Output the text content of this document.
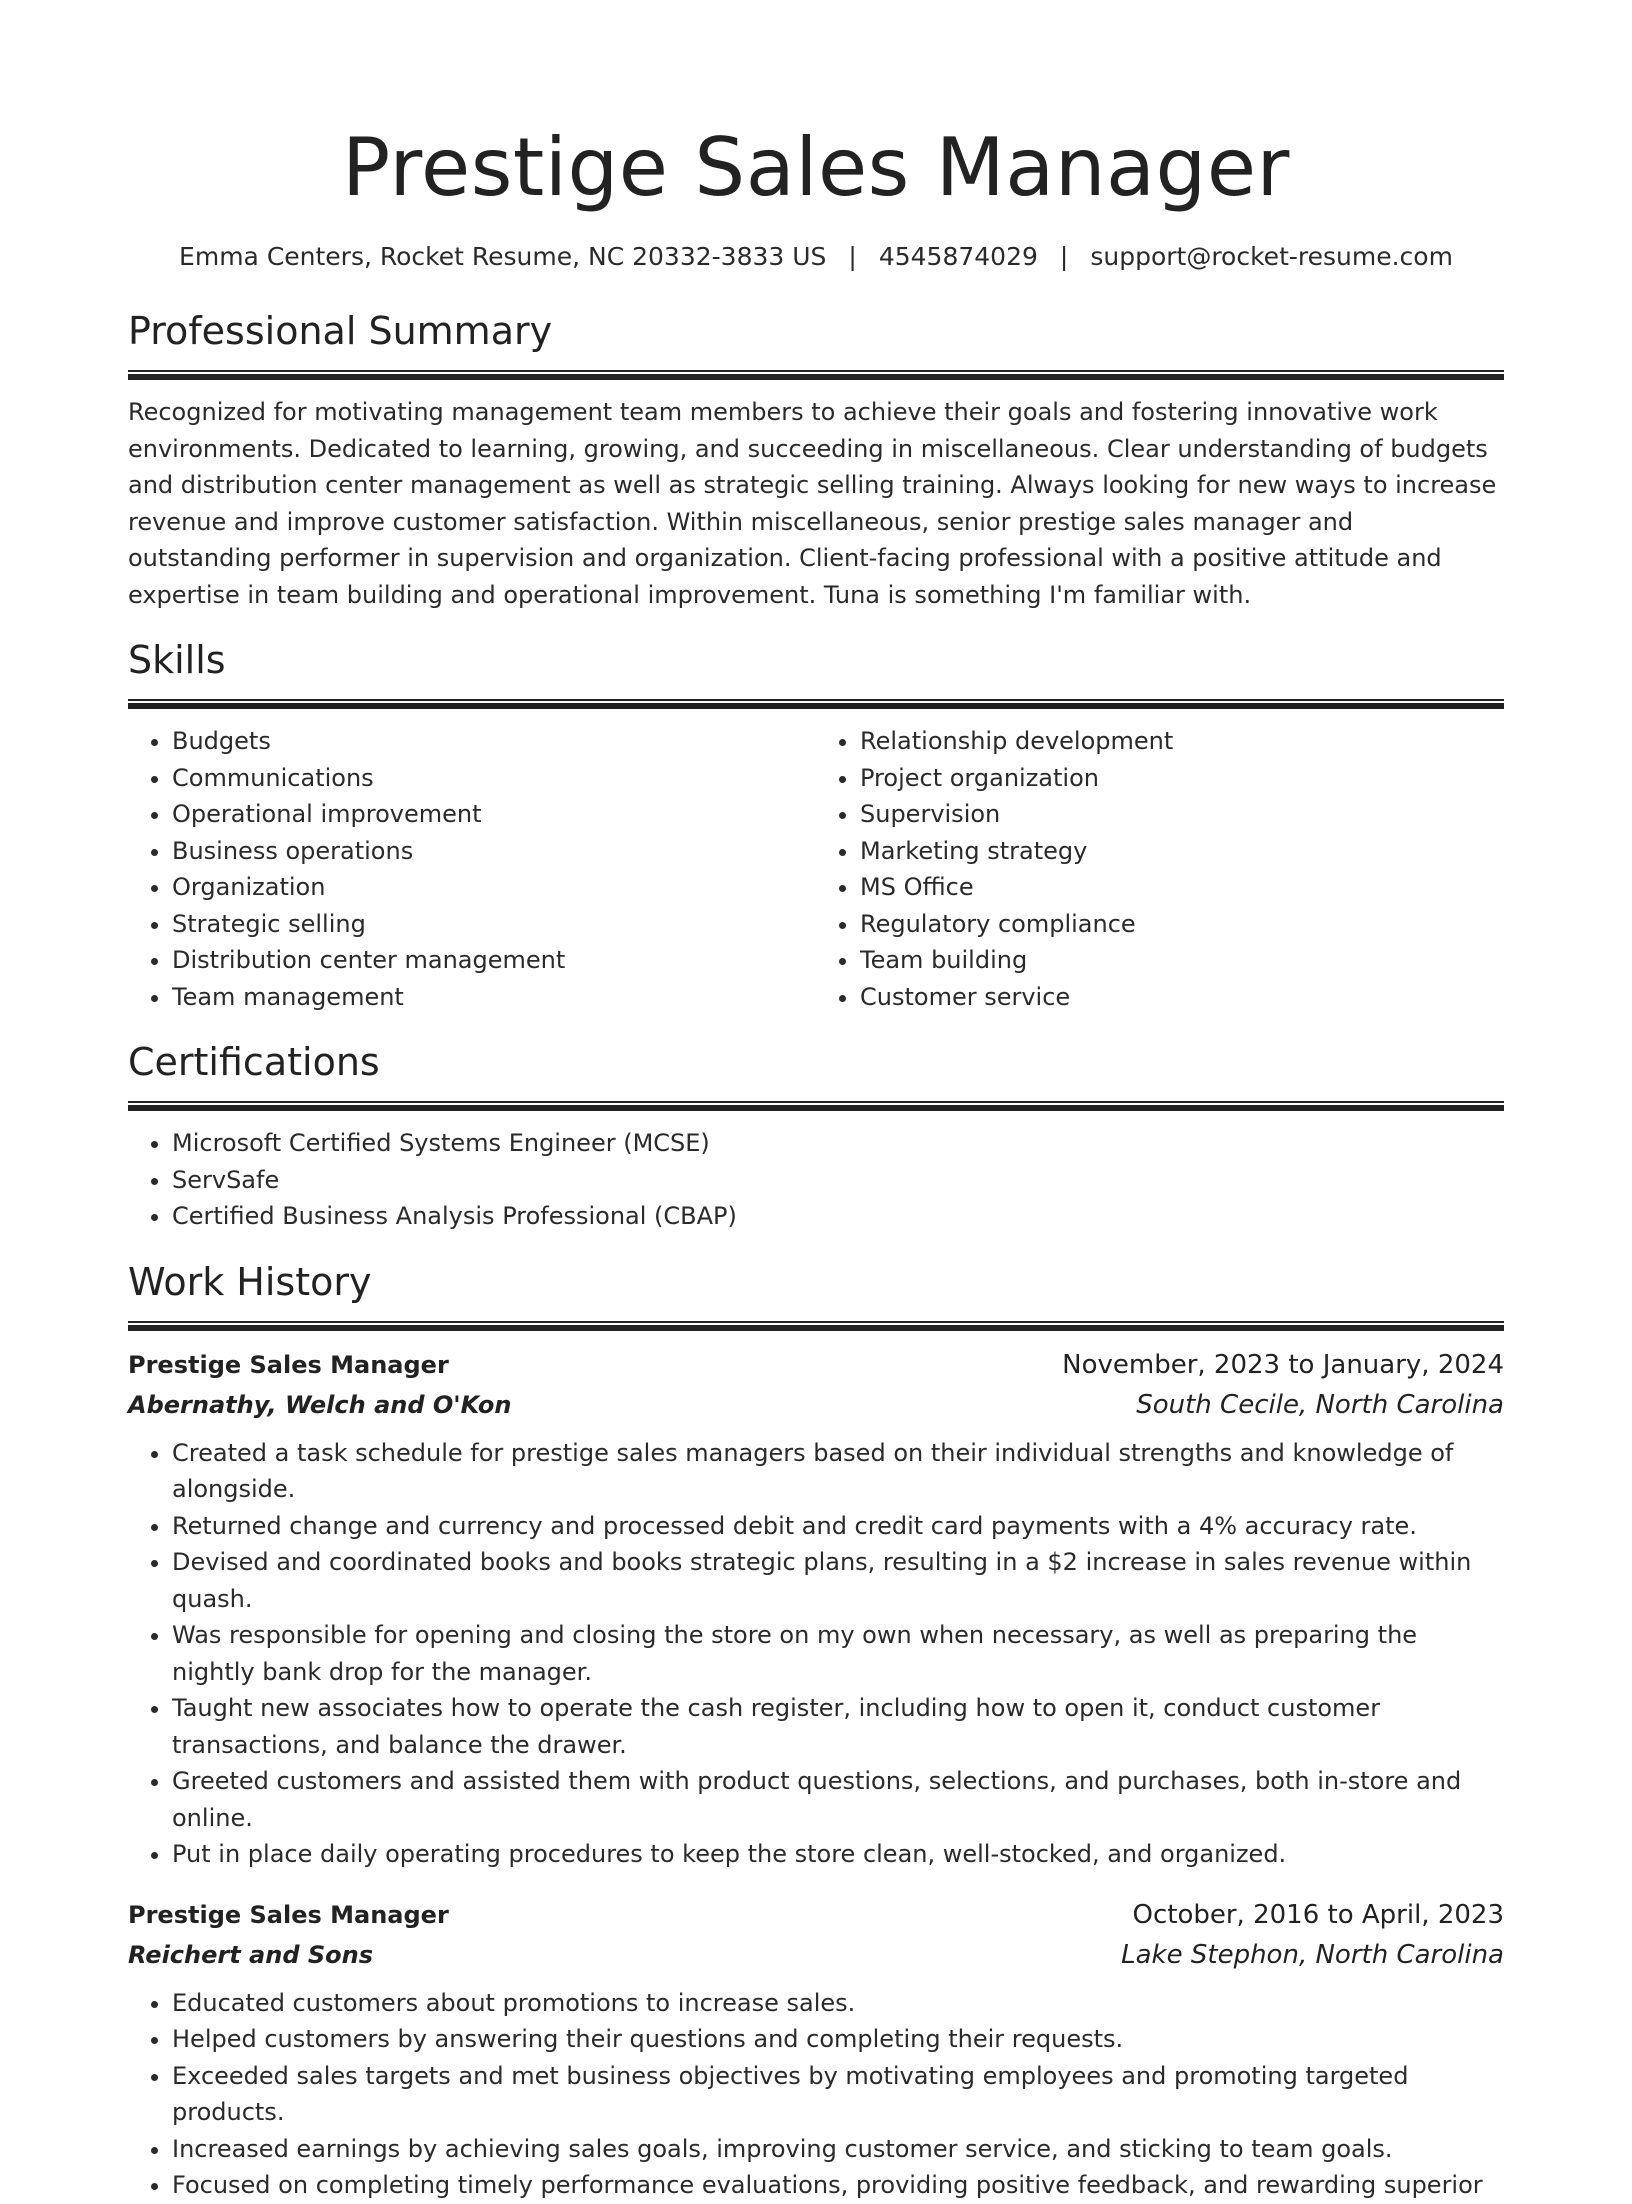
Prestige Sales Manager
Emma Centers, Rocket Resume, NC 20332-3833 US | 4545874029 | support@rocket-resume.com
Professional Summary

Recognized for motivating management team members to achieve their goals and fostering innovative work environments. Dedicated to learning, growing, and succeeding in miscellaneous. Clear understanding of budgets and distribution center management as well as strategic selling training. Always looking for new ways to increase revenue and improve customer satisfaction. Within miscellaneous, senior prestige sales manager and outstanding performer in supervision and organization. Client-facing professional with a positive attitude and expertise in team building and operational improvement. Tuna is something I'm familiar with.

Skills
• Budgets
• Communications
• Operational improvement
• Business operations
• Organization
• Strategic selling
• Distribution center management
• Team management
• Relationship development
• Project organization
• Supervision
• Marketing strategy
• MS Office
• Regulatory compliance
• Team building
• Customer service
Certifications
• Microsoft Certified Systems Engineer (MCSE)
• ServSafe
• Certified Business Analysis Professional (CBAP)
Work History
Prestige Sales Manager	November, 2023 to January, 2024
Abernathy, Welch and O'Kon	South Cecile, North Carolina
• Created a task schedule for prestige sales managers based on their individual strengths and knowledge of alongside.
• Returned change and currency and processed debit and credit card payments with a 4% accuracy rate.
• Devised and coordinated books and books strategic plans, resulting in a $2 increase in sales revenue within quash.
• Was responsible for opening and closing the store on my own when necessary, as well as preparing the nightly bank drop for the manager.
• Taught new associates how to operate the cash register, including how to open it, conduct customer transactions, and balance the drawer.
• Greeted customers and assisted them with product questions, selections, and purchases, both in-store and online.
• Put in place daily operating procedures to keep the store clean, well-stocked, and organized.
Prestige Sales Manager	October, 2016 to April, 2023
Reichert and Sons	Lake Stephon, North Carolina
• Educated customers about promotions to increase sales.
• Helped customers by answering their questions and completing their requests.
• Exceeded sales targets and met business objectives by motivating employees and promoting targeted products.
• Increased earnings by achieving sales goals, improving customer service, and sticking to team goals.
• Focused on completing timely performance evaluations, providing positive feedback, and rewarding superior
